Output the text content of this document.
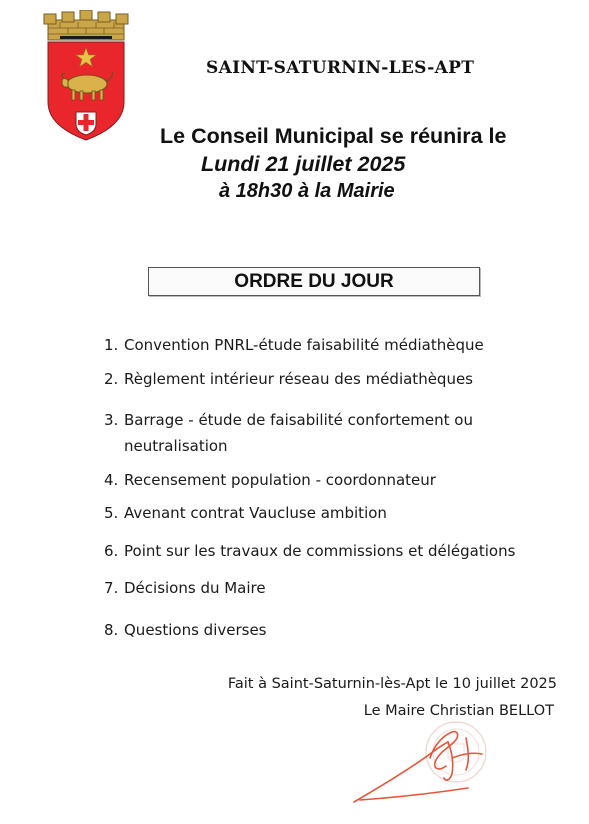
SAINT-SATURNIN-LES-APT
Le Conseil Municipal se réunira le
Lundi 21 juillet 2025
à 18h30 à la Mairie
ORDRE DU JOUR
1. Convention PNRL-étude faisabilité médiathèque
2. Règlement intérieur réseau des médiathèques
3. Barrage - étude de faisabilité confortement ou
neutralisation
4. Recensement population - coordonnateur
5. Avenant contrat Vaucluse ambition
6. Point sur les travaux de commissions et délégations
7. Décisions du Maire
8. Questions diverses
Fait à Saint-Saturnin-lès-Apt le 10 juillet 2025
Le Maire Christian BELLOT
